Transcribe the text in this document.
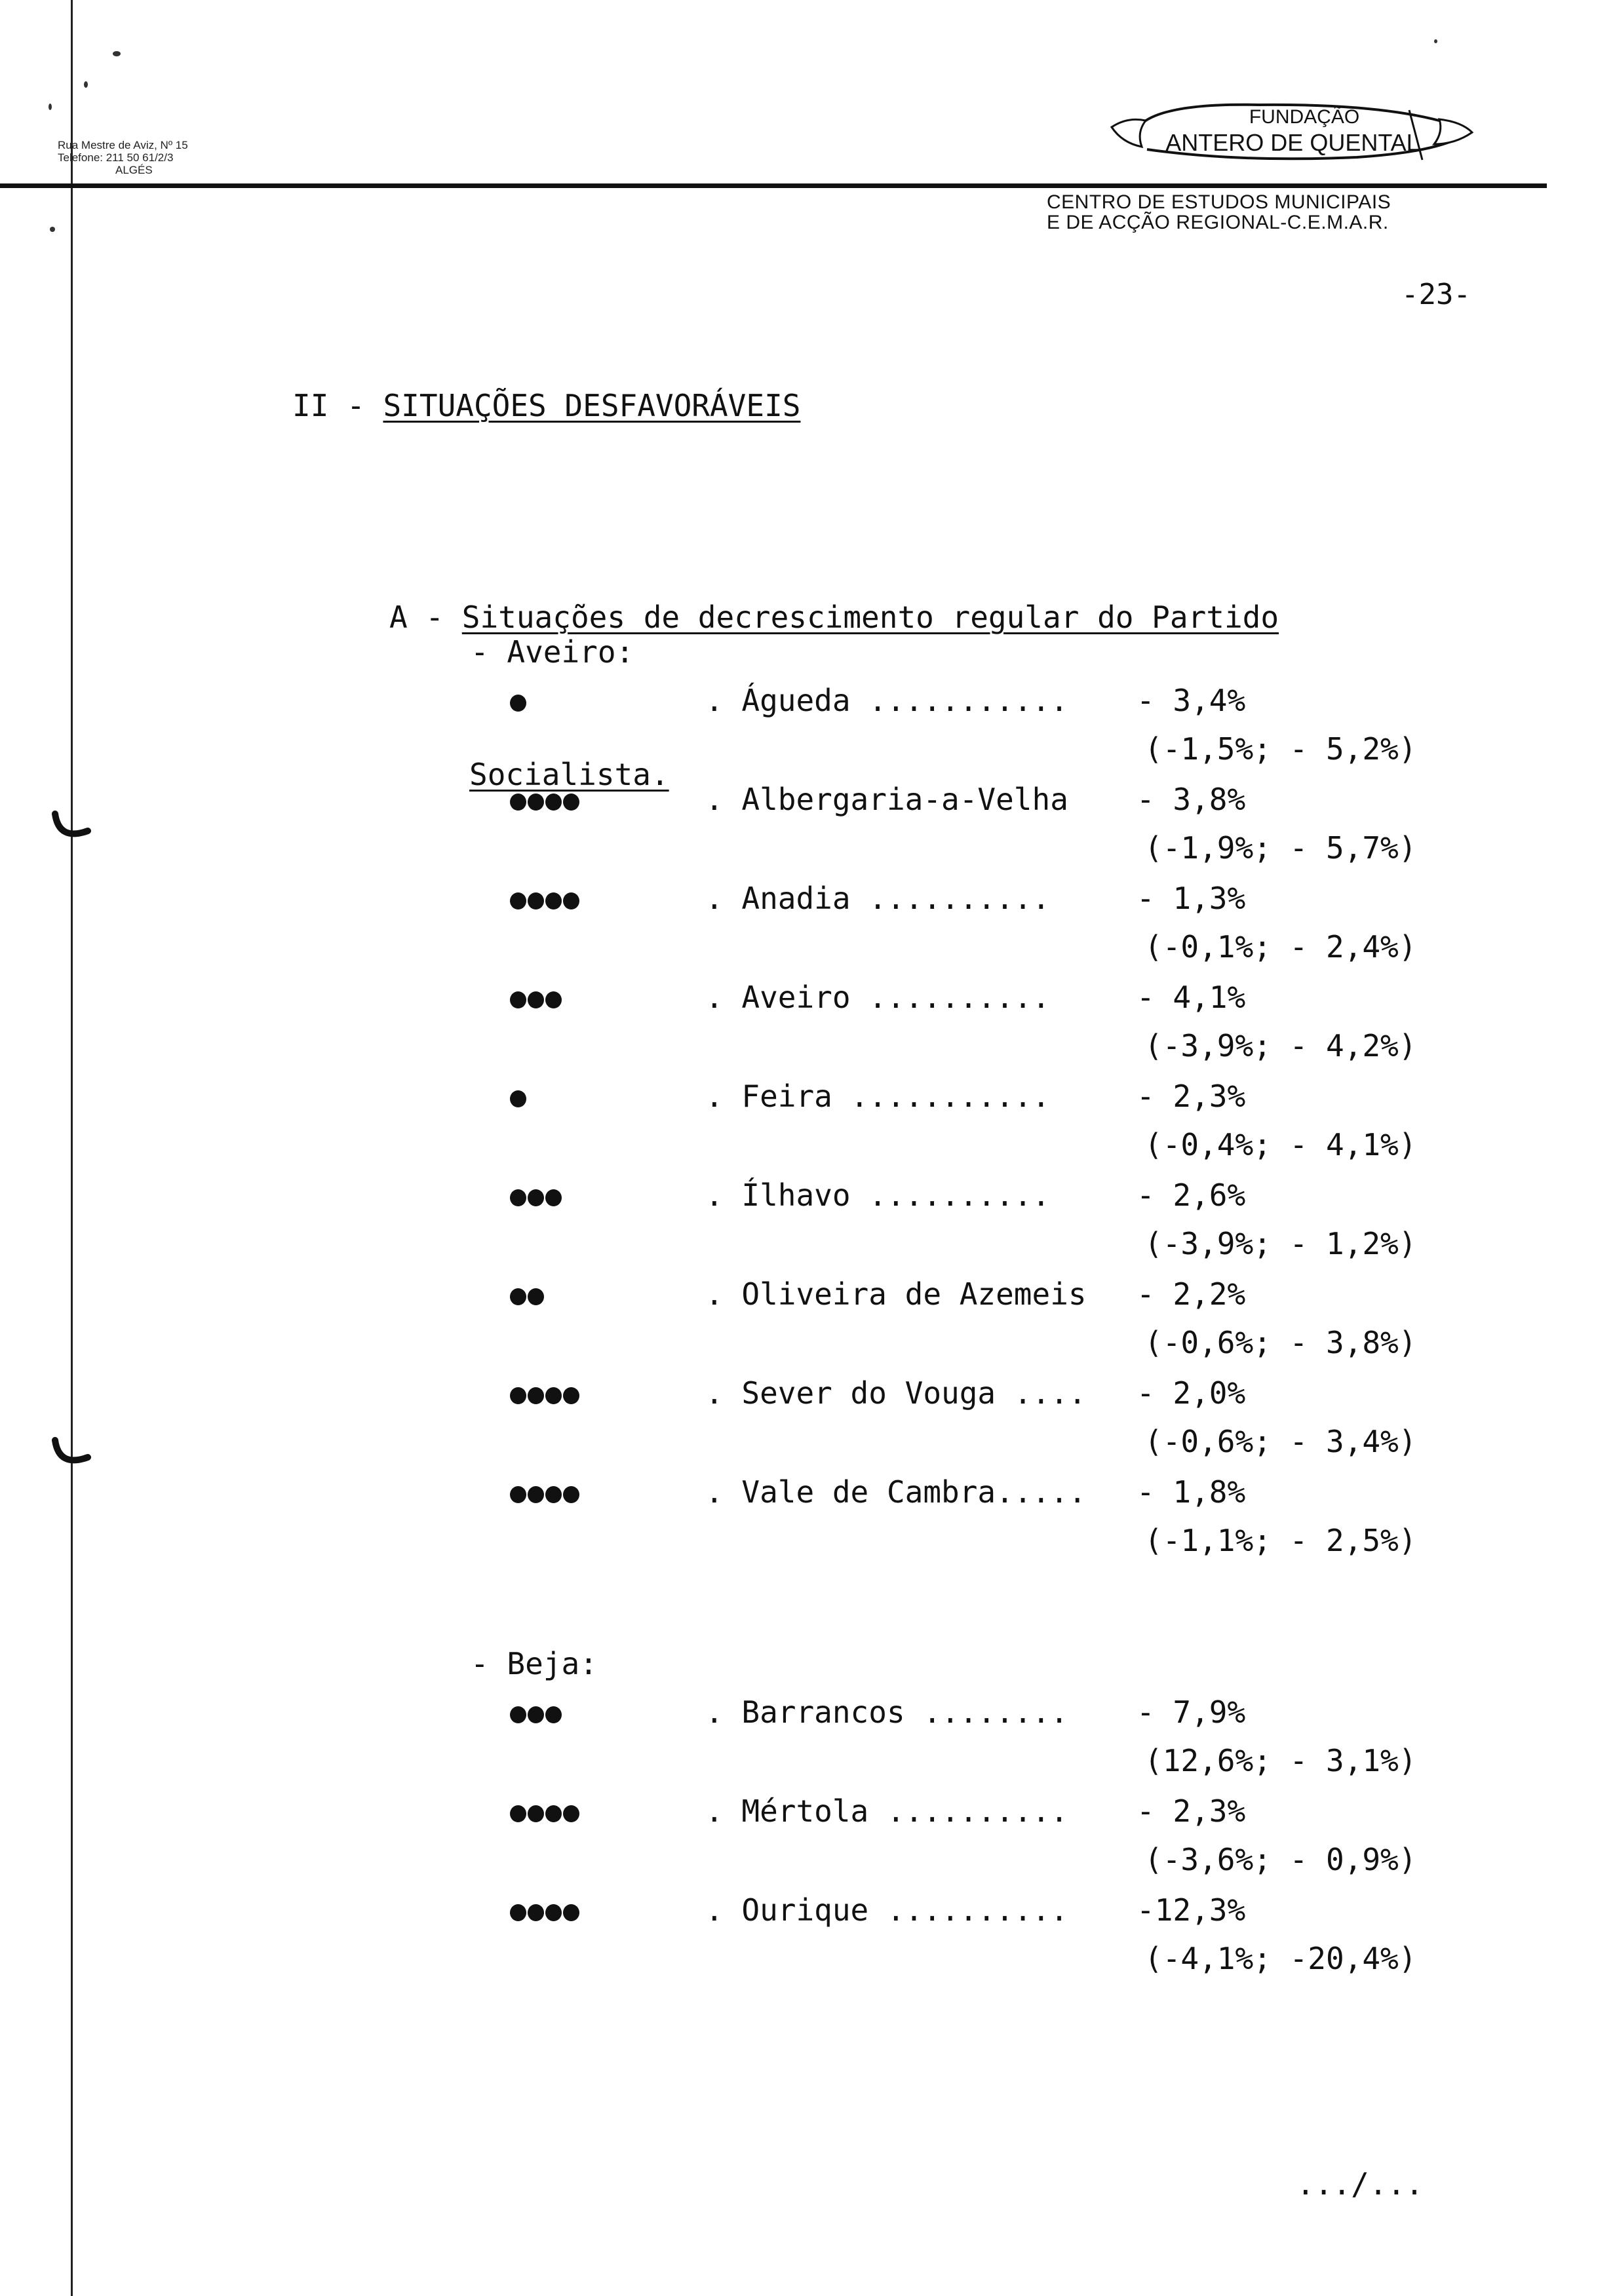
Rua Mestre de Aviz, Nº 15
Telefone: 211 50 61/2/3
ALGÉS
FUNDAÇÃO
ANTERO DE QUENTAL
CENTRO DE ESTUDOS MUNICIPAIS
E DE ACÇÃO REGIONAL-C.E.M.A.R.
-23-
II - SITUAÇÕES DESFAVORÁVEIS

A - Situações de decrescimento regular do Partido

Socialista.

- Aveiro:
. Águeda ........... - 3,4%
(-1,5%; - 5,2%)
. Albergaria-a-Velha - 3,8%
(-1,9%; - 5,7%)
. Anadia ..........	- 1,3%
(-0,1%; - 2,4%)
. Aveiro ..........	- 4,1%
(-3,9%; - 4,2%)
. Feira ...........	- 2,3%
(-0,4%; - 4,1%)
. Ílhavo ..........	- 2,6%
(-3,9%; - 1,2%)
. Oliveira de Azemeis - 2,2%
(-0,6%; - 3,8%)
. Sever do Vouga .... - 2,0%
(-0,6%; - 3,4%)
. Vale de Cambra..... - 1,8%
(-1,1%; - 2,5%)
- Beja:
. Barrancos ........ - 7,9%
(12,6%; - 3,1%)
. Mértola .......... - 2,3%
(-3,6%; - 0,9%)
. Ourique .......... -12,3%
(-4,1%; -20,4%)
.../...
